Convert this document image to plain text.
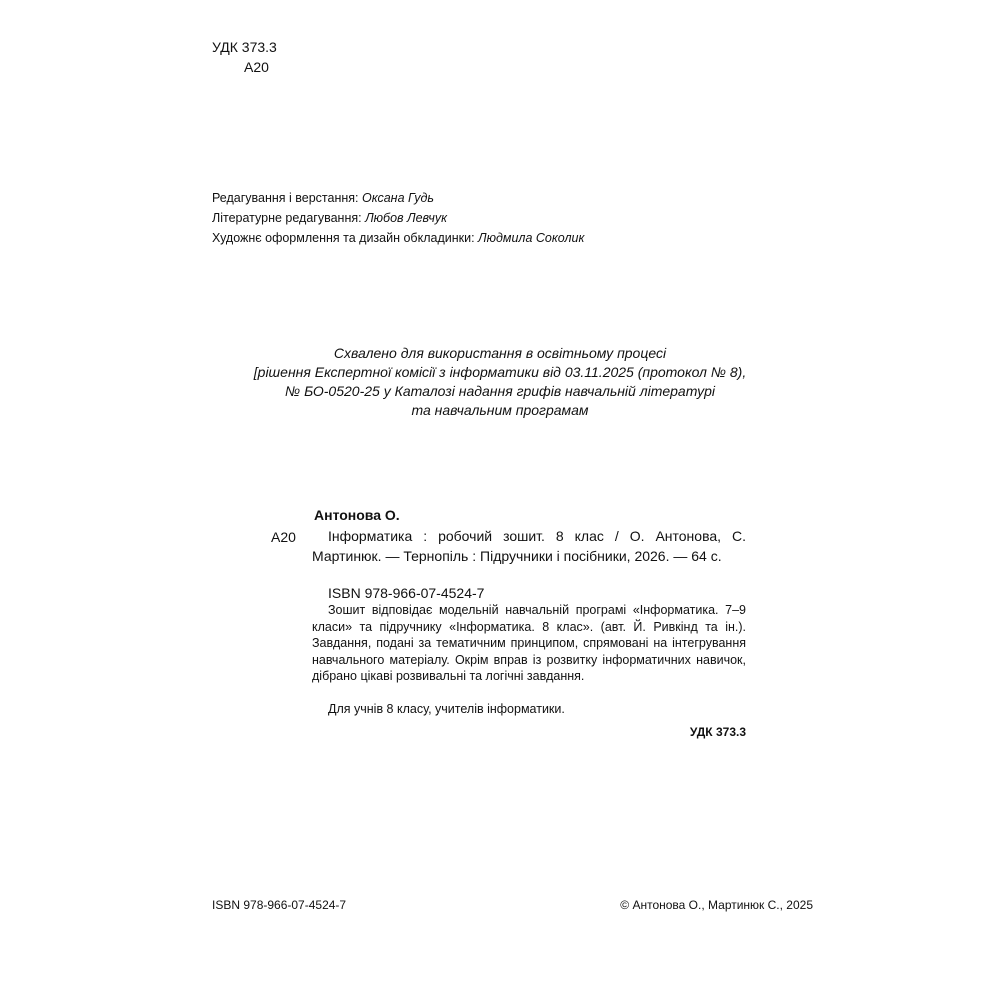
УДК 373.3
А20
Редагування і верстання: Оксана Гудь
Літературне редагування: Любов Левчук
Художнє оформлення та дизайн обкладинки: Людмила Соколик
Схвалено для використання в освітньому процесі
[рішення Експертної комісії з інформатики від 03.11.2025 (протокол № 8),
№ БО-0520-25 у Каталозі надання грифів навчальній літературі
та навчальним програмам
Антонова О.
А20	Інформатика : робочий зошит. 8 клас / О. Антонова, С. Мартинюк. — Тернопіль : Підручники і посібники, 2026. — 64 с.
ISBN 978-966-07-4524-7
Зошит відповідає модельній навчальній програмі «Інформатика. 7–9 класи» та підручнику «Інформатика. 8 клас». (авт. Й. Ривкінд та ін.). Завдання, подані за тематичним принципом, спрямовані на інтегрування навчального матеріалу. Окрім вправ із розвитку інформатичних навичок, дібрано цікаві розвивальні та логічні завдання.
Для учнів 8 класу, учителів інформатики.
УДК 373.3
ISBN 978-966-07-4524-7	© Антонова О., Мартинюк С., 2025
